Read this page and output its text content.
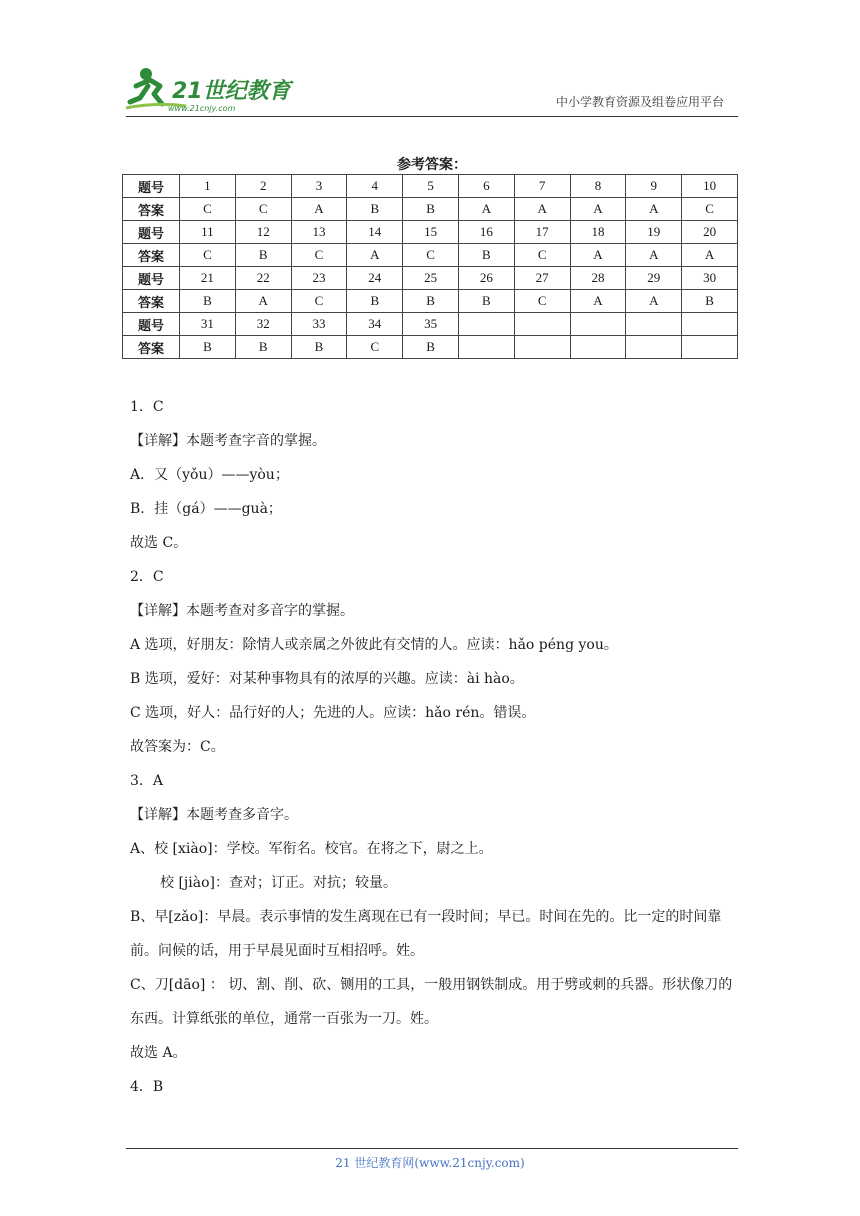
21世纪教育
www.21cnjy.com	中小学教育资源及组卷应用平台
参考答案：
题号	1	2	3	4	5	6	7	8	9	10
答案	C	C	A	B	B	A	A	A	A	C
题号	11	12	13	14	15	16	17	18	19	20
答案	C	B	C	A	C	B	C	A	A	A
题号	21	22	23	24	25	26	27	28	29	30
答案	B	A	C	B	B	B	C	A	A	B
题号	31	32	33	34	35					
答案	B	B	B	C	B					

1．C

【详解】本题考查字音的掌握。

A．又（yǒu）——yòu；

B．挂（gá）——guà；

故选 C。

2．C

【详解】本题考查对多音字的掌握。

A 选项，好朋友：除情人或亲属之外彼此有交情的人。应读：hǎo péng you。

B 选项，爱好：对某种事物具有的浓厚的兴趣。应读：ài hào。

C 选项，好人：品行好的人；先进的人。应读：hǎo rén。错误。

故答案为：C。

3．A

【详解】本题考查多音字。

A、校 [xiào]：学校。军衔名。校官。在将之下，尉之上。

校 [jiào]：查对；订正。对抗；较量。

B、早[zǎo]：早晨。表示事情的发生离现在已有一段时间；早已。时间在先的。比一定的时间靠前。问候的话，用于早晨见面时互相招呼。姓。

C、刀[dāo] ： 切、割、削、砍、铡用的工具，一般用钢铁制成。用于劈或刺的兵器。形状像刀的东西。计算纸张的单位，通常一百张为一刀。姓。

故选 A。

4．B

21 世纪教育网(www.21cnjy.com)
